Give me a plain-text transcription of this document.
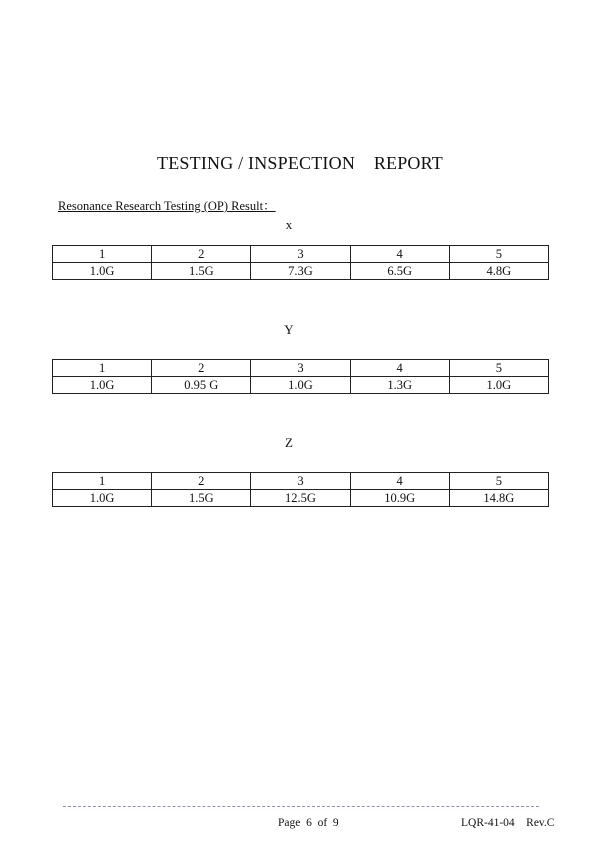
TESTING / INSPECTION    REPORT
Resonance Research Testing (OP) Result：
x
1	2	3	4	5
1.0G	1.5G	7.3G	6.5G	4.8G
Y
1	2	3	4	5
1.0G	0.95 G	1.0G	1.3G	1.0G
Z
1	2	3	4	5
1.0G	1.5G	12.5G	10.9G	14.8G
Page  6  of  9	LQR-41-04    Rev.C
